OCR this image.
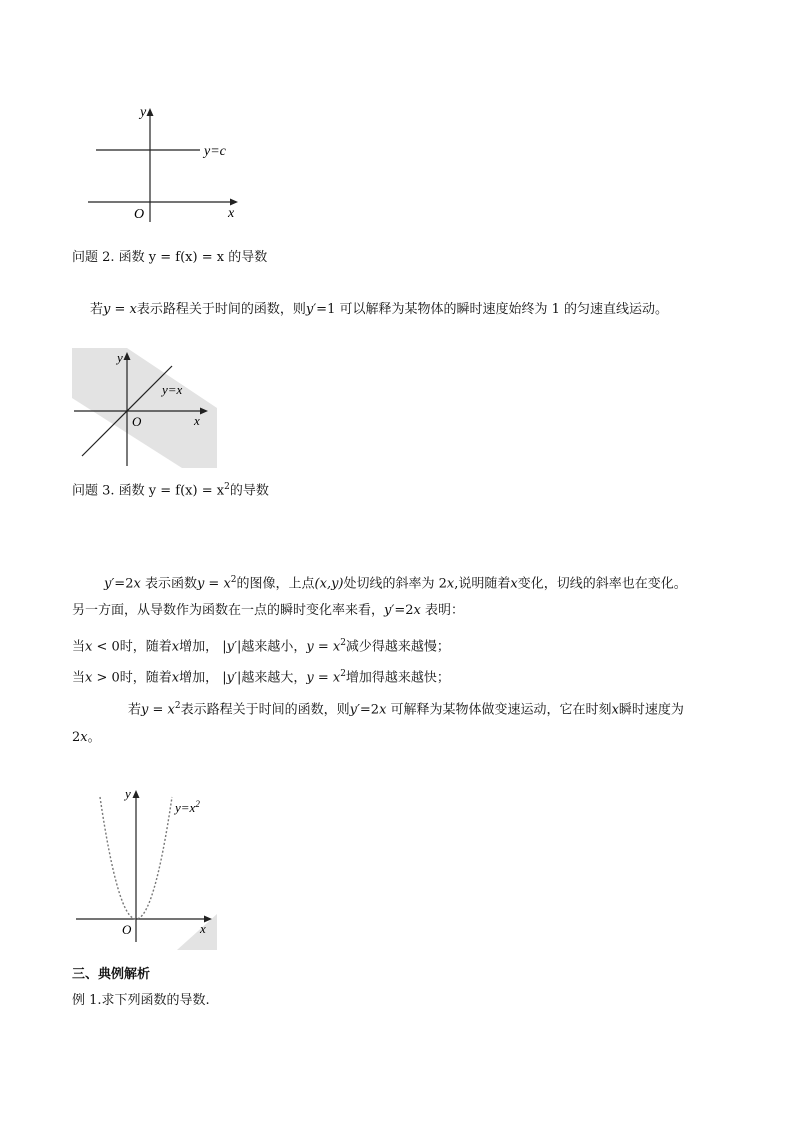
y
x
O
y=c
问题 2. 函数 y = f(x) = x 的导数
若y = x表示路程关于时间的函数，则y′=1 可以解释为某物体的瞬时速度始终为 1 的匀速直线运动。
y
x
O
y=x
问题 3. 函数 $y = f(x) = x^2$的导数
y′=2x 表示函数$y = x^2$的图像，上点(x,y)处切线的斜率为 2x,说明随着x变化，切线的斜率也在变化。
另一方面，从导数作为函数在一点的瞬时变化率来看，y′=2x 表明：
当x < 0时，随着x增加， |y′|越来越小，$y = x^2$减少得越来越慢；
当x > 0时，随着x增加， |y′|越来越大，$y = x^2$增加得越来越快；
若$y = x^2$表示路程关于时间的函数，则y′=2x 可解释为某物体做变速运动，它在时刻x瞬时速度为
2x。
y
x
O
$y=x^2$
三、典例解析
例 1.求下列函数的导数.
